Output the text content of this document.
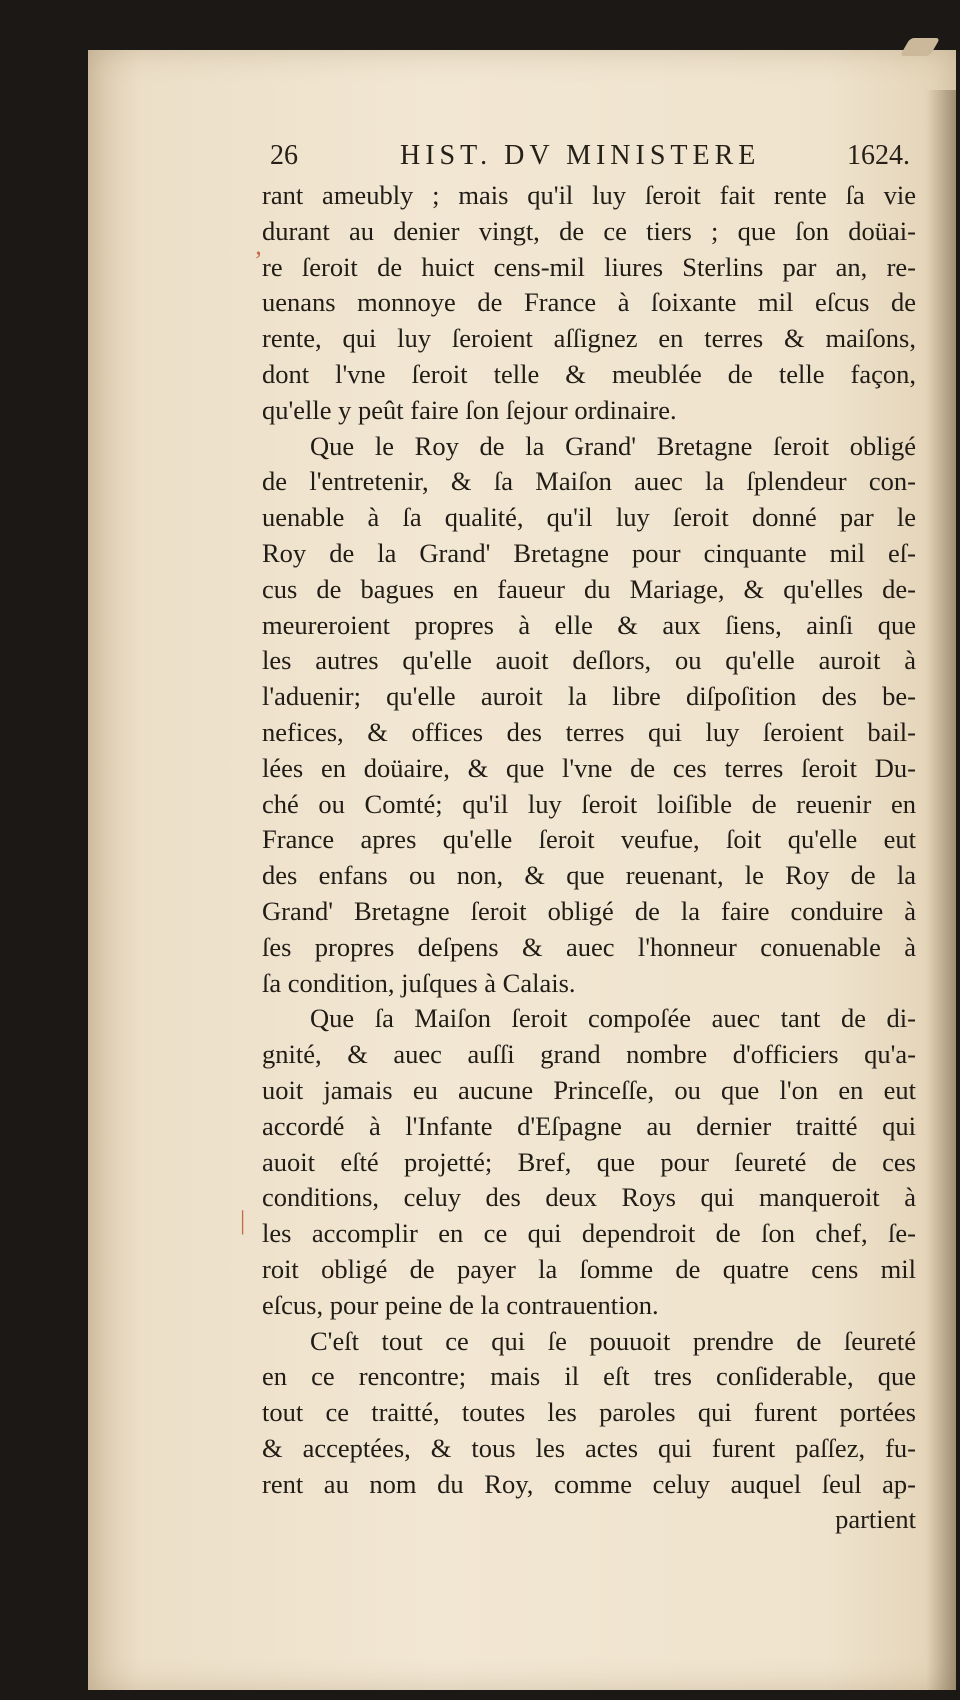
26	HIST. DV MINISTERE	1624.
ʼ
|
rant ameubly ; mais qu'il luy ſeroit fait rente ſa vie
durant au denier vingt, de ce tiers ; que ſon doüai-
re ſeroit de huict cens-mil liures Sterlins par an, re-
uenans monnoye de France à ſoixante mil eſcus de
rente, qui luy ſeroient aſſignez en terres & maiſons,
dont l'vne ſeroit telle & meublée de telle façon,
qu'elle y peût faire ſon ſejour ordinaire.
Que le Roy de la Grand' Bretagne ſeroit obligé
de l'entretenir, & ſa Maiſon auec la ſplendeur con-
uenable à ſa qualité, qu'il luy ſeroit donné par le
Roy de la Grand' Bretagne pour cinquante mil eſ-
cus de bagues en faueur du Mariage, & qu'elles de-
meureroient propres à elle & aux ſiens, ainſi que
les autres qu'elle auoit deſlors, ou qu'elle auroit à
l'aduenir; qu'elle auroit la libre diſpoſition des be-
nefices, & offices des terres qui luy ſeroient bail-
lées en doüaire, & que l'vne de ces terres ſeroit Du-
ché ou Comté; qu'il luy ſeroit loiſible de reuenir en
France apres qu'elle ſeroit veufue, ſoit qu'elle eut
des enfans ou non, & que reuenant, le Roy de la
Grand' Bretagne ſeroit obligé de la faire conduire à
ſes propres deſpens & auec l'honneur conuenable à
ſa condition, juſques à Calais.
Que ſa Maiſon ſeroit compoſée auec tant de di-
gnité, & auec auſſi grand nombre d'officiers qu'a-
uoit jamais eu aucune Princeſſe, ou que l'on en eut
accordé à l'Infante d'Eſpagne au dernier traitté qui
auoit eſté projetté; Bref, que pour ſeureté de ces
conditions, celuy des deux Roys qui manqueroit à
les accomplir en ce qui dependroit de ſon chef, ſe-
roit obligé de payer la ſomme de quatre cens mil
eſcus, pour peine de la contrauention.
C'eſt tout ce qui ſe pouuoit prendre de ſeureté
en ce rencontre; mais il eſt tres conſiderable, que
tout ce traitté, toutes les paroles qui furent portées
& acceptées, & tous les actes qui furent paſſez, fu-
rent au nom du Roy, comme celuy auquel ſeul ap-
partient
